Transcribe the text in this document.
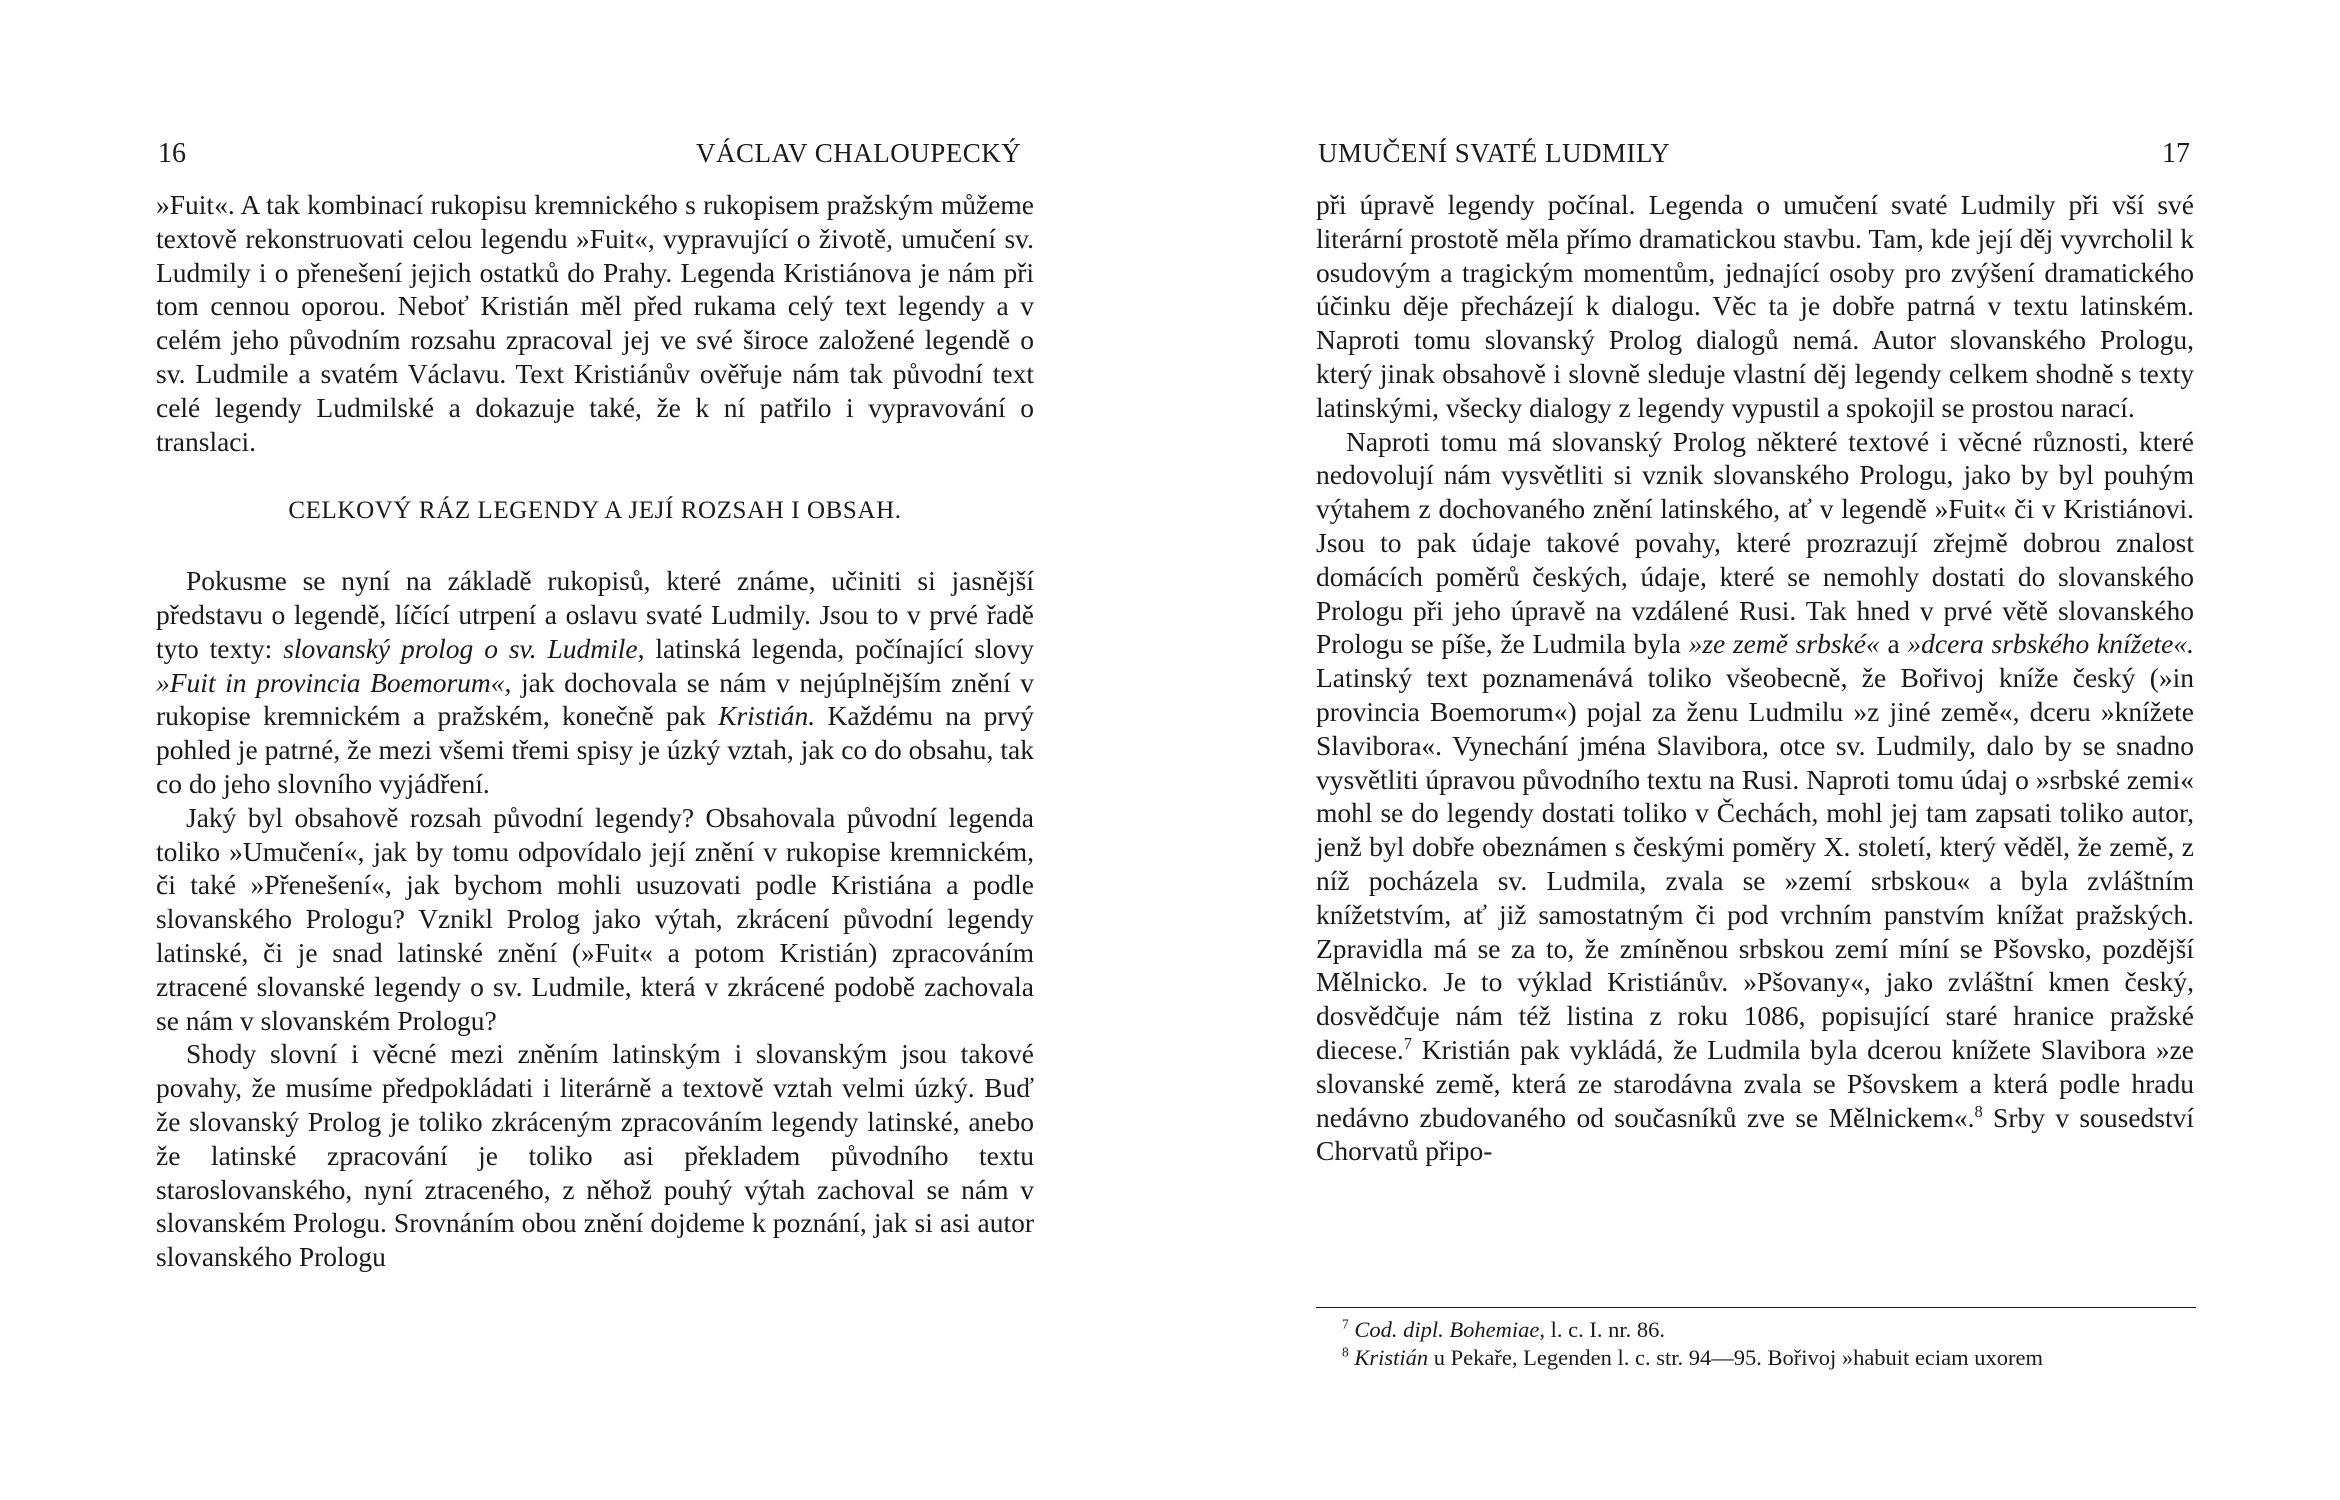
16	VÁCLAV CHALOUPECKÝ

»Fuit«. A tak kombinací rukopisu kremnického s rukopisem pražským můžeme textově rekonstruovati celou legendu »Fuit«, vypravující o životě, umučení sv. Ludmily i o přenešení jejich ostatků do Prahy. Legenda Kristiánova je nám při tom cennou oporou. Neboť Kristián měl před rukama celý text legendy a v celém jeho původním rozsahu zpracoval jej ve své široce založené legendě o sv. Ludmile a svatém Václavu. Text Kristiánův ověřuje nám tak původní text celé legendy Ludmilské a dokazuje také, že k ní patřilo i vypravování o translaci.

CELKOVÝ RÁZ LEGENDY A JEJÍ ROZSAH I OBSAH.

Pokusme se nyní na základě rukopisů, které známe, učiniti si jasnější představu o legendě, líčící utrpení a oslavu svaté Ludmily. Jsou to v prvé řadě tyto texty: slovanský prolog o sv. Ludmile, latinská legenda, počínající slovy »Fuit in provincia Boemorum«, jak dochovala se nám v nejúplnějším znění v rukopise kremnickém a pražském, konečně pak Kristián. Každému na prvý pohled je patrné, že mezi všemi třemi spisy je úzký vztah, jak co do obsahu, tak co do jeho slovního vyjádření.

Jaký byl obsahově rozsah původní legendy? Obsahovala původní legenda toliko »Umučení«, jak by tomu odpovídalo její znění v rukopise kremnickém, či také »Přenešení«, jak bychom mohli usuzovati podle Kristiána a podle slovanského Prologu? Vznikl Prolog jako výtah, zkrácení původní legendy latinské, či je snad latinské znění (»Fuit« a potom Kristián) zpracováním ztracené slovanské legendy o sv. Ludmile, která v zkrácené podobě zachovala se nám v slovanském Prologu?

Shody slovní i věcné mezi zněním latinským i slovanským jsou takové povahy, že musíme předpokládati i literárně a textově vztah velmi úzký. Buď že slovanský Prolog je toliko zkráceným zpracováním legendy latinské, anebo že latinské zpracování je toliko asi překladem původního textu staroslovanského, nyní ztraceného, z něhož pouhý výtah zachoval se nám v slovanském Prologu. Srovnáním obou znění dojdeme k poznání, jak si asi autor slovanského Prologu

UMUČENÍ SVATÉ LUDMILY	17

při úpravě legendy počínal. Legenda o umučení svaté Ludmily při vší své literární prostotě měla přímo dramatickou stavbu. Tam, kde její děj vyvrcholil k osudovým a tragickým momentům, jednající osoby pro zvýšení dramatického účinku děje přecházejí k dialogu. Věc ta je dobře patrná v textu latinském. Naproti tomu slovanský Prolog dialogů nemá. Autor slovanského Prologu, který jinak obsahově i slovně sleduje vlastní děj legendy celkem shodně s texty latinskými, všecky dialogy z legendy vypustil a spokojil se prostou narací.

Naproti tomu má slovanský Prolog některé textové i věcné různosti, které nedovolují nám vysvětliti si vznik slovanského Prologu, jako by byl pouhým výtahem z dochovaného znění latinského, ať v legendě »Fuit« či v Kristiánovi. Jsou to pak údaje takové povahy, které prozrazují zřejmě dobrou znalost domácích poměrů českých, údaje, které se nemohly dostati do slovanského Prologu při jeho úpravě na vzdálené Rusi. Tak hned v prvé větě slovanského Prologu se píše, že Ludmila byla »ze země srbské« a »dcera srbského knížete«. Latinský text poznamenává toliko všeobecně, že Bořivoj kníže český (»in provincia Boemorum«) pojal za ženu Ludmilu »z jiné země«, dceru »knížete Slavibora«. Vynechání jména Slavibora, otce sv. Ludmily, dalo by se snadno vysvětliti úpravou původního textu na Rusi. Naproti tomu údaj o »srbské zemi« mohl se do legendy dostati toliko v Čechách, mohl jej tam zapsati toliko autor, jenž byl dobře obeznámen s českými poměry X. století, který věděl, že země, z níž pocházela sv. Ludmila, zvala se »zemí srbskou« a byla zvláštním knížetstvím, ať již samostatným či pod vrchním panstvím knížat pražských. Zpravidla má se za to, že zmíněnou srbskou zemí míní se Pšovsko, pozdější Mělnicko. Je to výklad Kristiánův. »Pšovany«, jako zvláštní kmen český, dosvědčuje nám též listina z roku 1086, popisující staré hranice pražské diecese.$^7$ Kristián pak vykládá, že Ludmila byla dcerou knížete Slavibora »ze slovanské země, která ze starodávna zvala se Pšovskem a která podle hradu nedávno zbudovaného od současníků zve se Mělnickem«.$^8$ Srby v sousedství Chorvatů připo-

$^7$ Cod. dipl. Bohemiae, l. c. I. nr. 86.

$^8$ Kristián u Pekaře, Legenden l. c. str. 94—95. Bořivoj »habuit eciam uxorem
